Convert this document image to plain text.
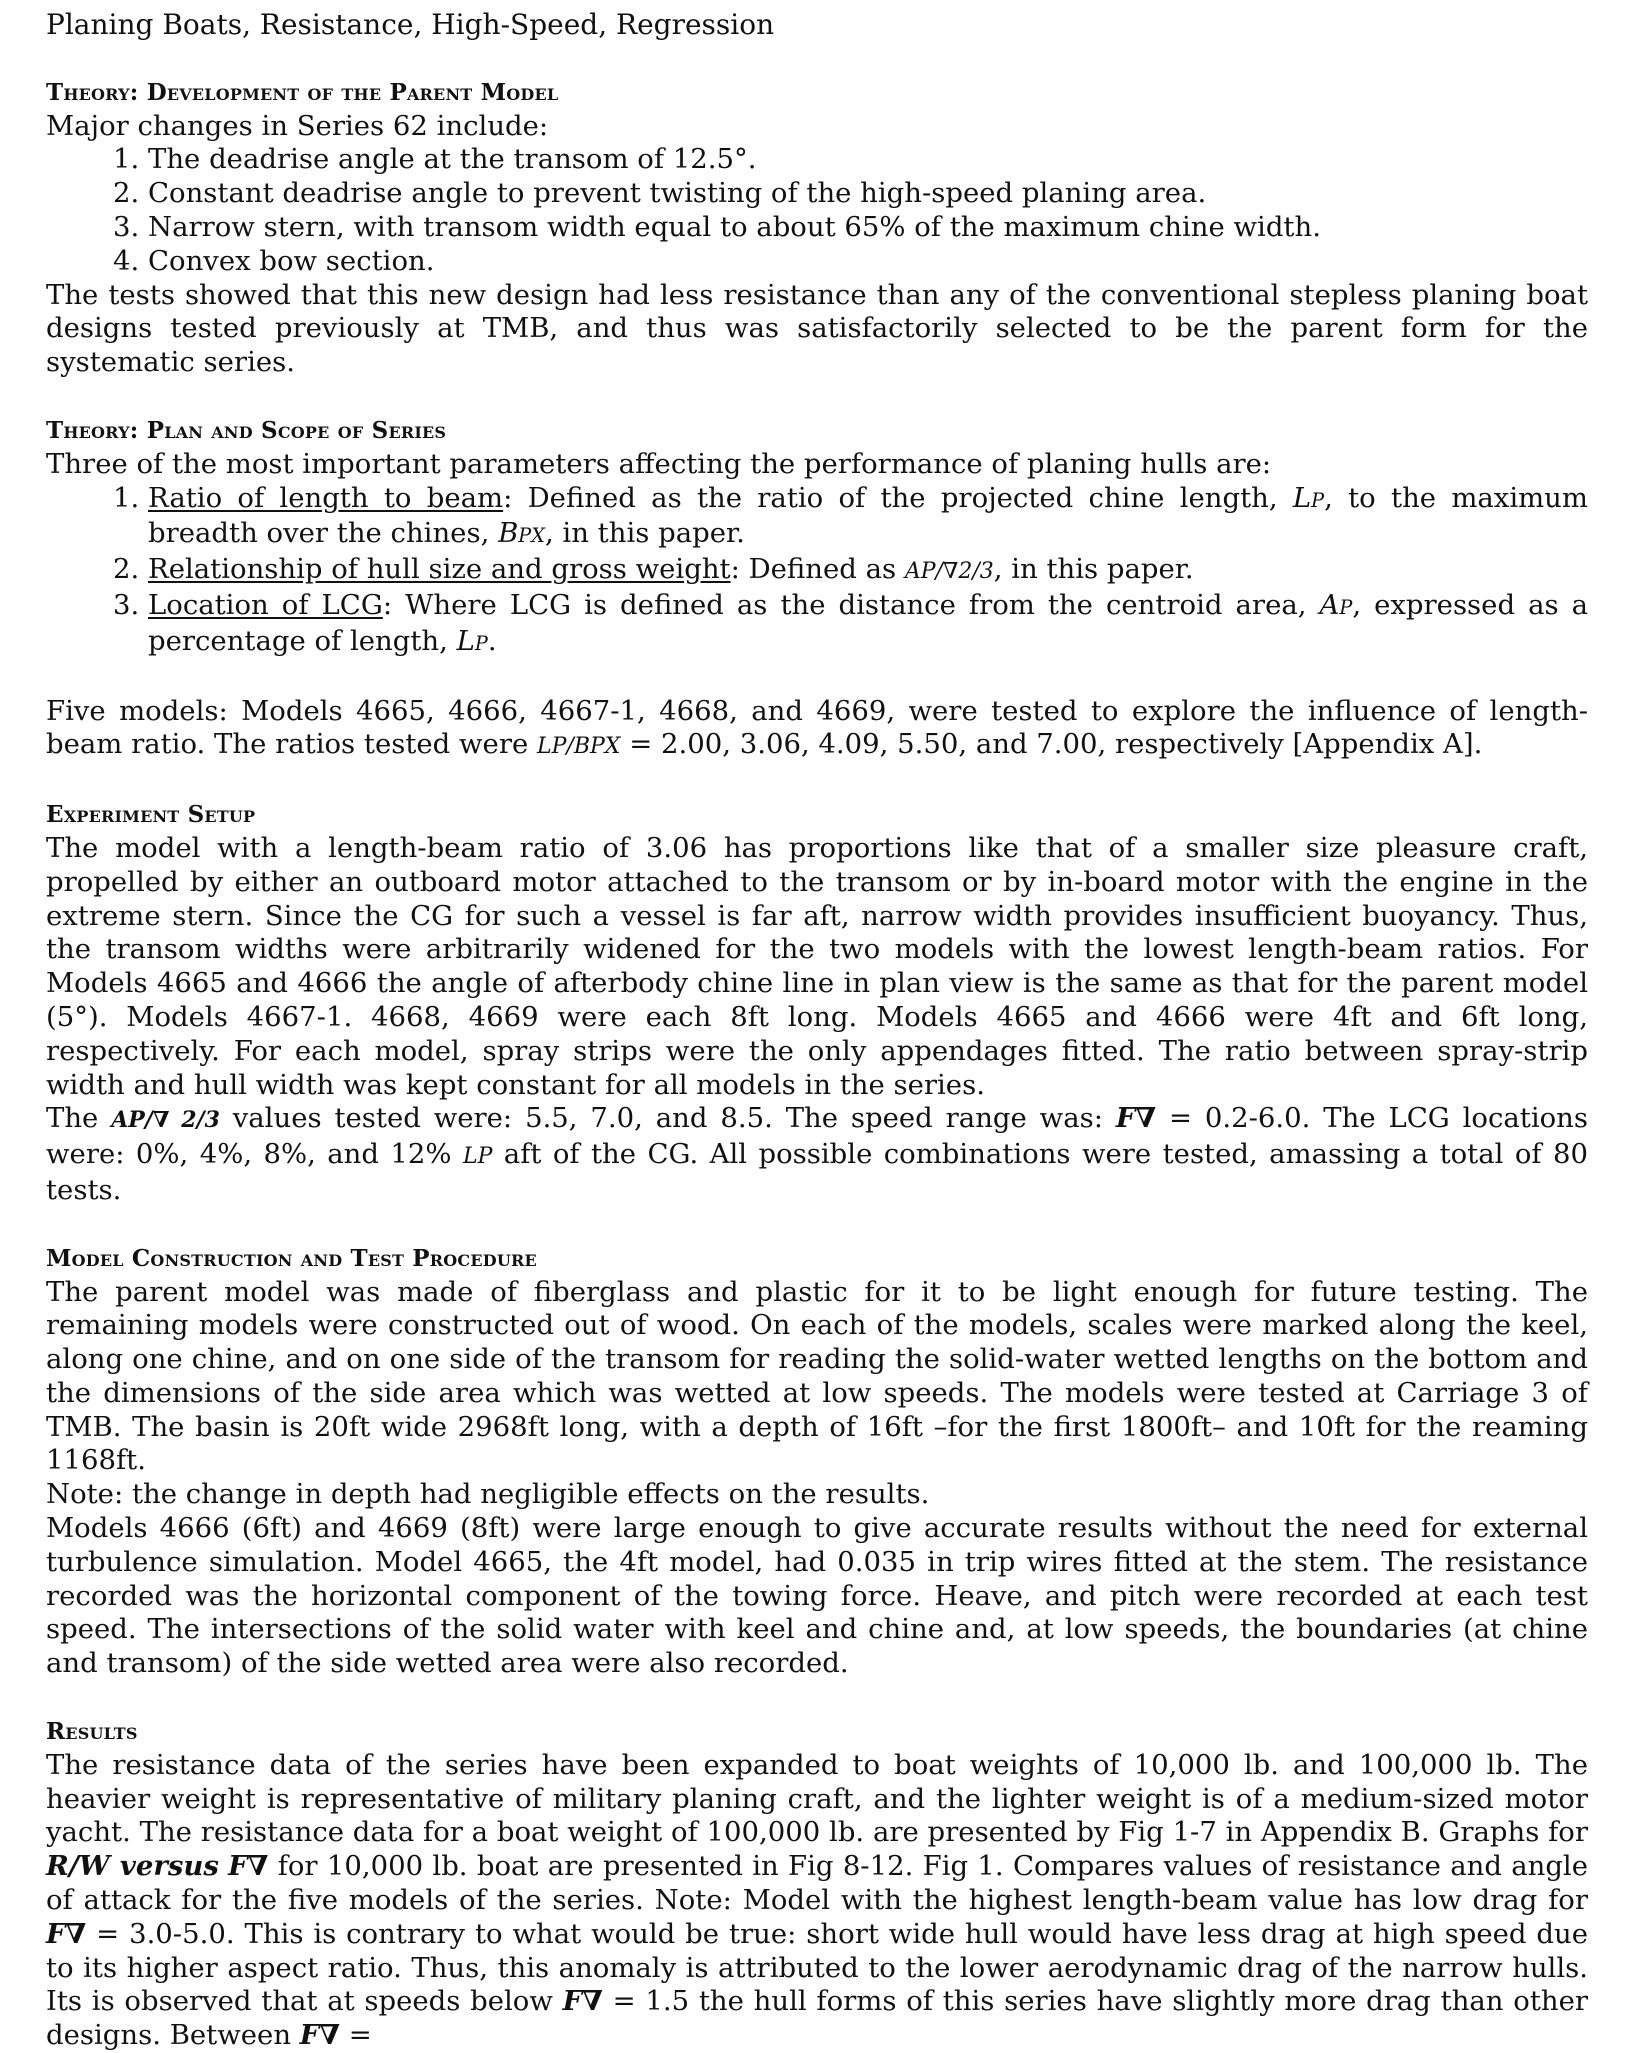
Planing Boats, Resistance, High-Speed, Regression

Theory: Development of the Parent Model

Major changes in Series 62 include:

1. The deadrise angle at the transom of 12.5°.
2. Constant deadrise angle to prevent twisting of the high-speed planing area.
3. Narrow stern, with transom width equal to about 65% of the maximum chine width.
4. Convex bow section.

The tests showed that this new design had less resistance than any of the conventional stepless planing boat designs tested previously at TMB, and thus was satisfactorily selected to be the parent form for the systematic series.

Theory: Plan and Scope of Series

Three of the most important parameters affecting the performance of planing hulls are:

1. Ratio of length to beam: Defined as the ratio of the projected chine length, LP, to the maximum breadth over the chines, BPX, in this paper.
2. Relationship of hull size and gross weight: Defined as AP/∇2/3, in this paper.
3. Location of LCG: Where LCG is defined as the distance from the centroid area, AP, expressed as a percentage of length, LP.

Five models: Models 4665, 4666, 4667-1, 4668, and 4669, were tested to explore the influence of length-beam ratio. The ratios tested were LP/BPX = 2.00, 3.06, 4.09, 5.50, and 7.00, respectively [Appendix A].

Experiment Setup

The model with a length-beam ratio of 3.06 has proportions like that of a smaller size pleasure craft, propelled by either an outboard motor attached to the transom or by in-board motor with the engine in the extreme stern. Since the CG for such a vessel is far aft, narrow width provides insufficient buoyancy. Thus, the transom widths were arbitrarily widened for the two models with the lowest length-beam ratios. For Models 4665 and 4666 the angle of afterbody chine line in plan view is the same as that for the parent model (5°). Models 4667-1. 4668, 4669 were each 8ft long. Models 4665 and 4666 were 4ft and 6ft long, respectively. For each model, spray strips were the only appendages fitted. The ratio between spray-strip width and hull width was kept constant for all models in the series.

The AP/∇ 2/3 values tested were: 5.5, 7.0, and 8.5. The speed range was: F∇ = 0.2-6.0. The LCG locations were: 0%, 4%, 8%, and 12% LP aft of the CG. All possible combinations were tested, amassing a total of 80 tests.

Model Construction and Test Procedure

The parent model was made of fiberglass and plastic for it to be light enough for future testing. The remaining models were constructed out of wood. On each of the models, scales were marked along the keel, along one chine, and on one side of the transom for reading the solid-water wetted lengths on the bottom and the dimensions of the side area which was wetted at low speeds. The models were tested at Carriage 3 of TMB. The basin is 20ft wide 2968ft long, with a depth of 16ft –for the first 1800ft– and 10ft for the reaming 1168ft.

Note: the change in depth had negligible effects on the results.

Models 4666 (6ft) and 4669 (8ft) were large enough to give accurate results without the need for external turbulence simulation. Model 4665, the 4ft model, had 0.035 in trip wires fitted at the stem. The resistance recorded was the horizontal component of the towing force. Heave, and pitch were recorded at each test speed. The intersections of the solid water with keel and chine and, at low speeds, the boundaries (at chine and transom) of the side wetted area were also recorded.

Results

The resistance data of the series have been expanded to boat weights of 10,000 lb. and 100,000 lb. The heavier weight is representative of military planing craft, and the lighter weight is of a medium-sized motor yacht. The resistance data for a boat weight of 100,000 lb. are presented by Fig 1-7 in Appendix B. Graphs for R/W versus F∇ for 10,000 lb. boat are presented in Fig 8-12. Fig 1. Compares values of resistance and angle of attack for the five models of the series. Note: Model with the highest length-beam value has low drag for F∇ = 3.0-5.0. This is contrary to what would be true: short wide hull would have less drag at high speed due to its higher aspect ratio. Thus, this anomaly is attributed to the lower aerodynamic drag of the narrow hulls. Its is observed that at speeds below F∇ = 1.5 the hull forms of this series have slightly more drag than other designs. Between F∇ =
